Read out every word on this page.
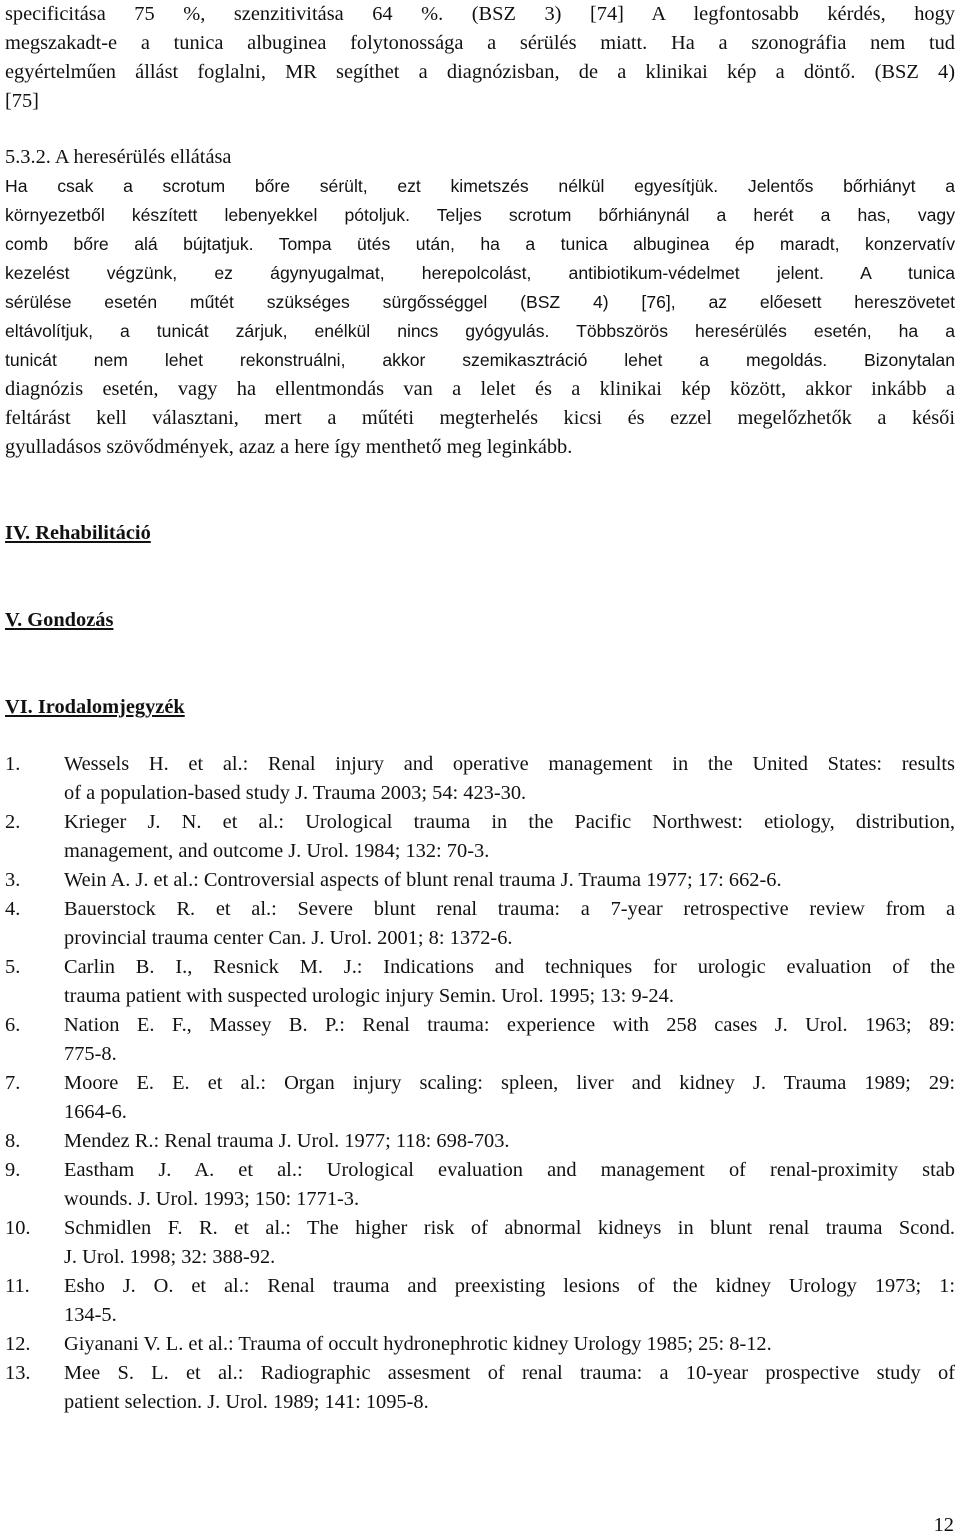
specificitása 75 %, szenzitivitása 64 %. (BSZ 3) [74] A legfontosabb kérdés, hogy
megszakadt-e a tunica albuginea folytonossága a sérülés miatt. Ha a szonográfia nem tud
egyértelműen állást foglalni, MR segíthet a diagnózisban, de a klinikai kép a döntő. (BSZ 4)
[75]
5.3.2. A heresérülés ellátása
Ha csak a scrotum bőre sérült, ezt kimetszés nélkül egyesítjük. Jelentős bőrhiányt a
környezetből készített lebenyekkel pótoljuk. Teljes scrotum bőrhiánynál a herét a has, vagy
comb bőre alá bújtatjuk. Tompa ütés után, ha a tunica albuginea ép maradt, konzervatív
kezelést végzünk, ez ágynyugalmat, herepolcolást, antibiotikum-védelmet jelent. A tunica
sérülése esetén műtét szükséges sürgősséggel (BSZ 4) [76], az előesett hereszövetet
eltávolítjuk, a tunicát zárjuk, enélkül nincs gyógyulás. Többszörös heresérülés esetén, ha a
tunicát nem lehet rekonstruálni, akkor szemikasztráció lehet a megoldás. Bizonytalan
diagnózis esetén, vagy ha ellentmondás van a lelet és a klinikai kép között, akkor inkább a
feltárást kell választani, mert a műtéti megterhelés kicsi és ezzel megelőzhetők a késői
gyulladásos szövődmények, azaz a here így menthető meg leginkább.
IV. Rehabilitáció
V. Gondozás
VI. Irodalomjegyzék
1.	Wessels H. et al.: Renal injury and operative management in the United States: results
of a population-based study J. Trauma 2003; 54: 423-30.
2.	Krieger J. N. et al.: Urological trauma in the Pacific Northwest: etiology, distribution,
management, and outcome J. Urol. 1984; 132: 70-3.
3.	Wein A. J. et al.: Controversial aspects of blunt renal trauma J. Trauma 1977; 17: 662-6.
4.	Bauerstock R. et al.: Severe blunt renal trauma: a 7-year retrospective review from a
provincial trauma center Can. J. Urol. 2001; 8: 1372-6.
5.	Carlin B. I., Resnick M. J.: Indications and techniques for urologic evaluation of the
trauma patient with suspected urologic injury Semin. Urol. 1995; 13: 9-24.
6.	Nation E. F., Massey B. P.: Renal trauma: experience with 258 cases J. Urol. 1963; 89:
775-8.
7.	Moore E. E. et al.: Organ injury scaling: spleen, liver and kidney J. Trauma 1989; 29:
1664-6.
8.	Mendez R.: Renal trauma J. Urol. 1977; 118: 698-703.
9.	Eastham J. A. et al.: Urological evaluation and management of renal-proximity stab
wounds. J. Urol. 1993; 150: 1771-3.
10.	Schmidlen F. R. et al.: The higher risk of abnormal kidneys in blunt renal trauma Scond.
J. Urol. 1998; 32: 388-92.
11.	Esho J. O. et al.: Renal trauma and preexisting lesions of the kidney Urology 1973; 1:
134-5.
12.	Giyanani V. L. et al.: Trauma of occult hydronephrotic kidney Urology 1985; 25: 8-12.
13.	Mee S. L. et al.: Radiographic assesment of renal trauma: a 10-year prospective study of
patient selection. J. Urol. 1989; 141: 1095-8.
12
